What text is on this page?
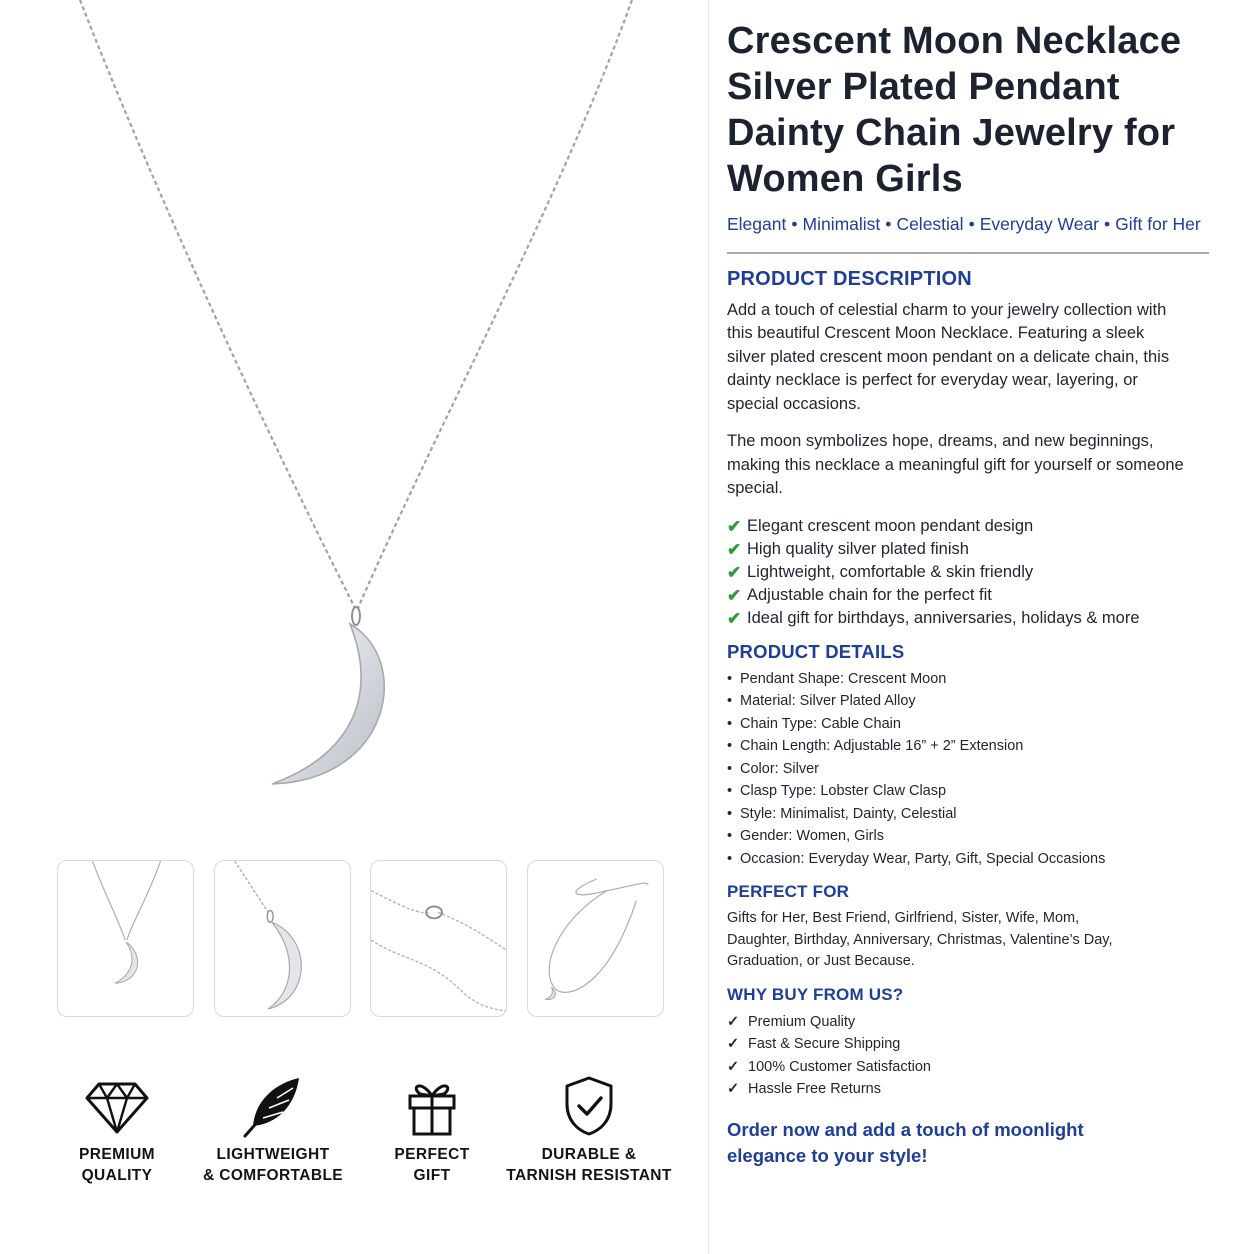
PREMIUM
QUALITY
LIGHTWEIGHT
& COMFORTABLE
PERFECT
GIFT
DURABLE &
TARNISH RESISTANT
Crescent Moon Necklace Silver Plated Pendant Dainty Chain Jewelry for Women Girls
Elegant • Minimalist • Celestial • Everyday Wear • Gift for Her
PRODUCT DESCRIPTION

Add a touch of celestial charm to your jewelry collection with this beautiful Crescent Moon Necklace. Featuring a sleek silver plated crescent moon pendant on a delicate chain, this dainty necklace is perfect for everyday wear, layering, or special occasions.

The moon symbolizes hope, dreams, and new beginnings, making this necklace a meaningful gift for yourself or someone special.

✔ Elegant crescent moon pendant design
✔ High quality silver plated finish
✔ Lightweight, comfortable & skin friendly
✔ Adjustable chain for the perfect fit
✔ Ideal gift for birthdays, anniversaries, holidays & more
PRODUCT DETAILS
• Pendant Shape: Crescent Moon
• Material: Silver Plated Alloy
• Chain Type: Cable Chain
• Chain Length: Adjustable 16” + 2” Extension
• Color: Silver
• Clasp Type: Lobster Claw Clasp
• Style: Minimalist, Dainty, Celestial
• Gender: Women, Girls
• Occasion: Everyday Wear, Party, Gift, Special Occasions
PERFECT FOR

Gifts for Her, Best Friend, Girlfriend, Sister, Wife, Mom, Daughter, Birthday, Anniversary, Christmas, Valentine’s Day, Graduation, or Just Because.

WHY BUY FROM US?
✓ Premium Quality
✓ Fast & Secure Shipping
✓ 100% Customer Satisfaction
✓ Hassle Free Returns

Order now and add a touch of moonlight elegance to your style!
